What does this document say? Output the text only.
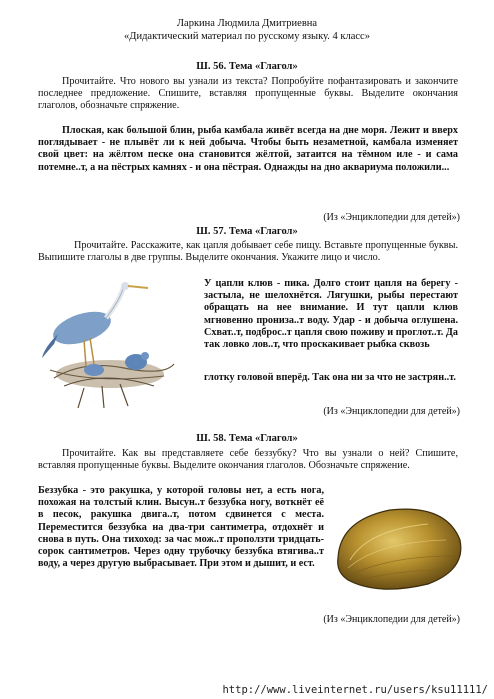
Ларкина Людмила Дмитриевна
«Дидактический материал по русскому языку. 4 класс»
Ш. 56. Тема «Глагол»

Прочитайте. Что нового вы узнали из текста? Попробуйте пофантазировать и закончите последнее предложение. Спишите, вставляя пропущенные буквы. Выделите окончания глаголов, обозначьте спряжение.

Плоская, как большой блин, рыба камбала живёт всегда на дне моря. Лежит и вверх поглядывает - не плывёт ли к ней добыча. Чтобы быть незаметной, камбала изменяет свой цвет: на жёлтом песке она становится жёлтой, затаится на тёмном иле - и сама потемне..т, а на пёстрых камнях - и она пёстрая. Однажды на дно аквариума положили...

(Из «Энциклопедии для детей»)
Ш. 57. Тема «Глагол»

Прочитайте. Расскажите, как цапля добывает себе пищу. Вставьте пропущенные буквы. Выпишите глаголы в две группы. Выделите окончания. Укажите лицо и число.

У цапли клюв - пика. Долго стоит цапля на берегу - застыла, не шелохнётся. Лягушки, рыбы перестают обращать на нее внимание. И тут цапли клюв мгновенно прониза..т воду. Удар - и добыча оглушена. Схват..т, подброс..т цапля свою поживу и проглот..т. Да так ловко лов..т, что проскакивает рыбка сквозь

глотку головой вперёд. Так она ни за что не застрян..т.

(Из «Энциклопедии для детей»)
Ш. 58. Тема «Глагол»

Прочитайте. Как вы представляете себе беззубку? Что вы узнали о ней? Спишите, вставляя пропущенные буквы. Выделите окончания глаголов. Обозначьте спряжение.

Беззубка - это ракушка, у которой головы нет, а есть нога, похожая на толстый клин. Высун..т беззубка ногу, воткнёт её в песок, ракушка двига..т, потом сдвинется с места. Переместится беззубка на два-три сантиметра, отдохнёт и снова в путь. Она тихоход: за час мож..т проползти тридцать-сорок сантиметров. Через одну трубочку беззубка втягива..т воду, а через другую выбрасывает. При этом и дышит, и ест.

(Из «Энциклопедии для детей»)
http://www.liveinternet.ru/users/ksu11111/
